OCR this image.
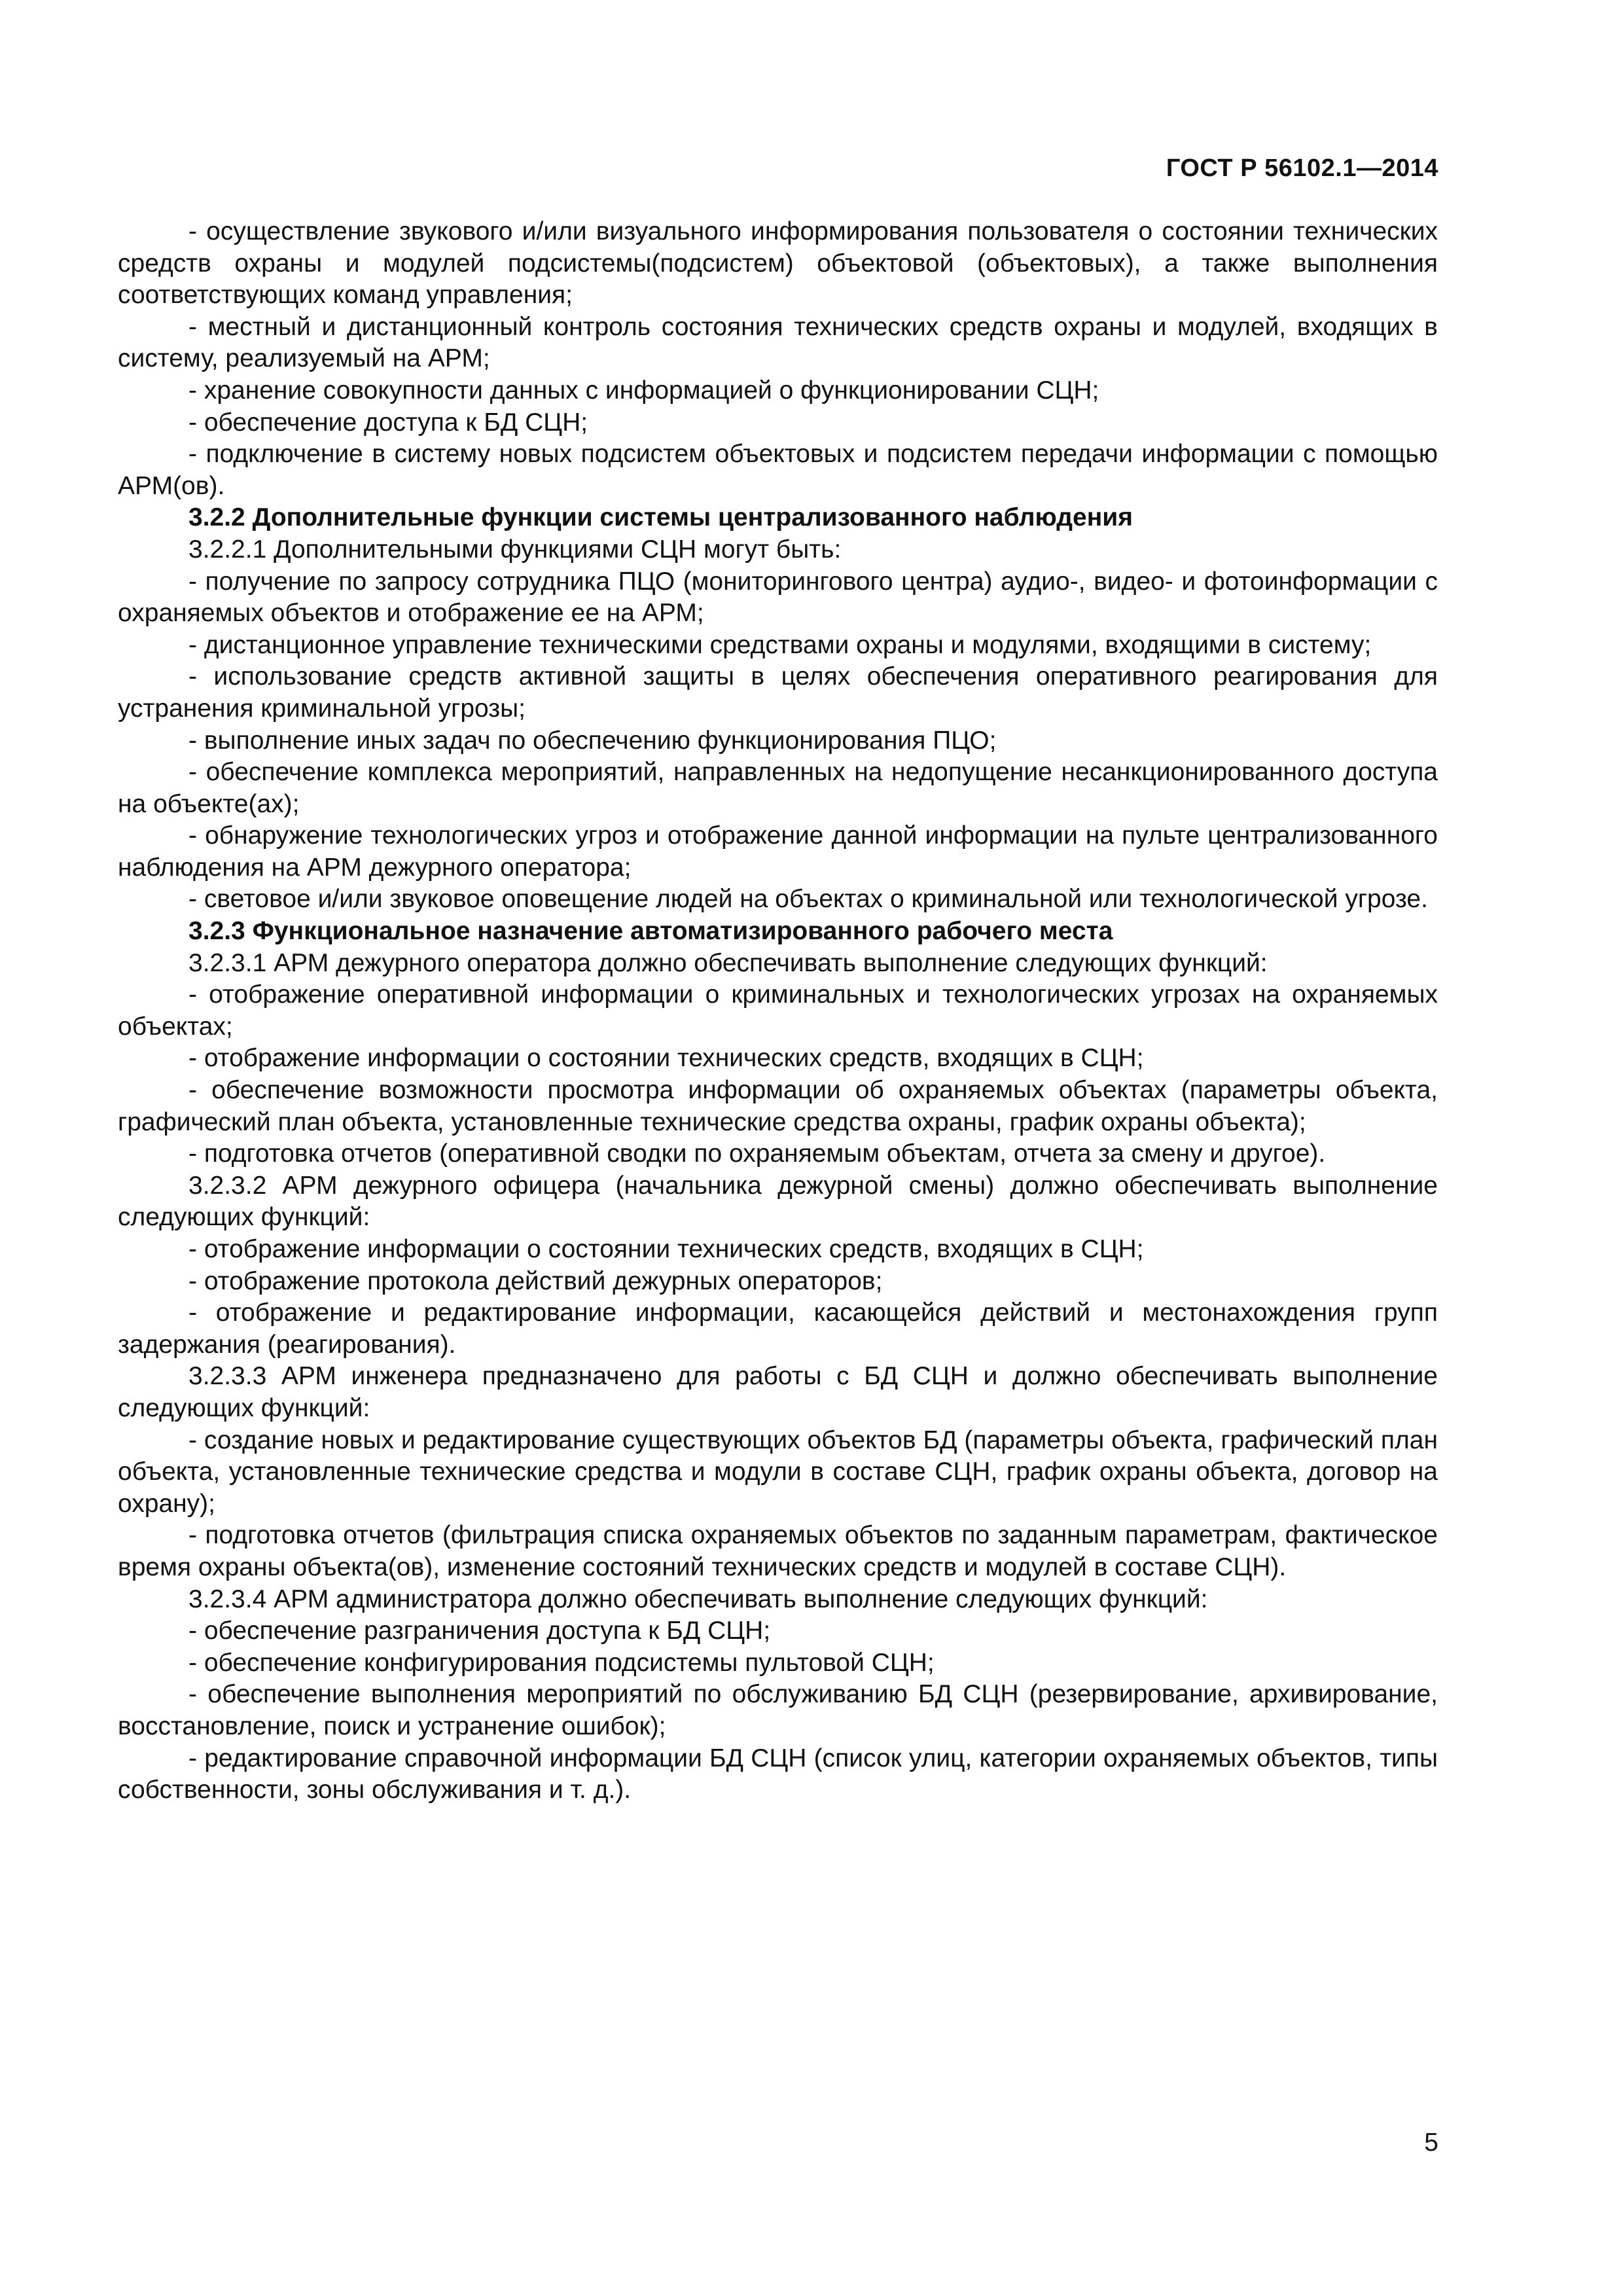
ГОСТ Р 56102.1—2014

- осуществление звукового и/или визуального информирования пользователя о состоянии технических средств охраны и модулей подсистемы(подсистем) объектовой (объектовых), а также выполнения соответствующих команд управления;

- местный и дистанционный контроль состояния технических средств охраны и модулей, входящих в систему, реализуемый на АРМ;

- хранение совокупности данных с информацией о функционировании СЦН;

- обеспечение доступа к БД СЦН;

- подключение в систему новых подсистем объектовых и подсистем передачи информации с помощью АРМ(ов).

3.2.2 Дополнительные функции системы централизованного наблюдения

3.2.2.1 Дополнительными функциями СЦН могут быть:

- получение по запросу сотрудника ПЦО (мониторингового центра) аудио-, видео- и фотоинформации с охраняемых объектов и отображение ее на АРМ;

- дистанционное управление техническими средствами охраны и модулями, входящими в систему;

- использование средств активной защиты в целях обеспечения оперативного реагирования для устранения криминальной угрозы;

- выполнение иных задач по обеспечению функционирования ПЦО;

- обеспечение комплекса мероприятий, направленных на недопущение несанкционированного доступа на объекте(ах);

- обнаружение технологических угроз и отображение данной информации на пульте централизованного наблюдения на АРМ дежурного оператора;

- световое и/или звуковое оповещение людей на объектах о криминальной или технологической угрозе.

3.2.3 Функциональное назначение автоматизированного рабочего места

3.2.3.1 АРМ дежурного оператора должно обеспечивать выполнение следующих функций:

- отображение оперативной информации о криминальных и технологических угрозах на охраняемых объектах;

- отображение информации о состоянии технических средств, входящих в СЦН;

- обеспечение возможности просмотра информации об охраняемых объектах (параметры объекта, графический план объекта, установленные технические средства охраны, график охраны объекта);

- подготовка отчетов (оперативной сводки по охраняемым объектам, отчета за смену и другое).

3.2.3.2 АРМ дежурного офицера (начальника дежурной смены) должно обеспечивать выполнение следующих функций:

- отображение информации о состоянии технических средств, входящих в СЦН;

- отображение протокола действий дежурных операторов;

- отображение и редактирование информации, касающейся действий и местонахождения групп задержания (реагирования).

3.2.3.3 АРМ инженера предназначено для работы с БД СЦН и должно обеспечивать выполнение следующих функций:

- создание новых и редактирование существующих объектов БД (параметры объекта, графический план объекта, установленные технические средства и модули в составе СЦН, график охраны объекта, договор на охрану);

- подготовка отчетов (фильтрация списка охраняемых объектов по заданным параметрам, фактическое время охраны объекта(ов), изменение состояний технических средств и модулей в составе СЦН).

3.2.3.4 АРМ администратора должно обеспечивать выполнение следующих функций:

- обеспечение разграничения доступа к БД СЦН;

- обеспечение конфигурирования подсистемы пультовой СЦН;

- обеспечение выполнения мероприятий по обслуживанию БД СЦН (резервирование, архивирование, восстановление, поиск и устранение ошибок);

- редактирование справочной информации БД СЦН (список улиц, категории охраняемых объектов, типы собственности, зоны обслуживания и т. д.).

5
